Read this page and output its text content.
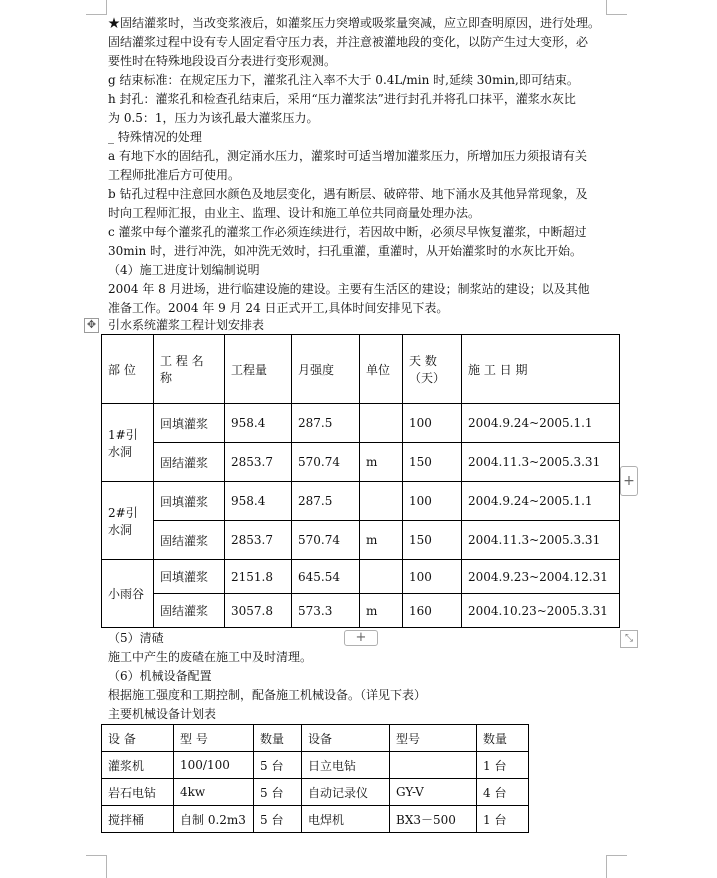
★固结灌浆时，当改变浆液后，如灌浆压力突增或吸浆量突减，应立即查明原因，进行处理。
固结灌浆过程中设有专人固定看守压力表，并注意被灌地段的变化，以防产生过大变形，必
要性时在特殊地段设百分表进行变形观测。
g 结束标准：在规定压力下，灌浆孔注入率不大于 0.4L/min 时,延续 30min,即可结束。
h 封孔：灌浆孔和检查孔结束后，采用“压力灌浆法”进行封孔并将孔口抹平，灌浆水灰比
为 0.5：1，压力为该孔最大灌浆压力。
_ 特殊情况的处理
a 有地下水的固结孔，测定涌水压力，灌浆时可适当增加灌浆压力，所增加压力须报请有关
工程师批准后方可使用。
b 钻孔过程中注意回水颜色及地层变化，遇有断层、破碎带、地下涌水及其他异常现象，及
时向工程师汇报，由业主、监理、设计和施工单位共同商量处理办法。
c 灌浆中每个灌浆孔的灌浆工作必须连续进行，若因故中断，必须尽早恢复灌浆，中断超过
30min 时，进行冲洗，如冲洗无效时，扫孔重灌，重灌时，从开始灌浆时的水灰比开始。
（4）施工进度计划编制说明
2004 年 8 月进场，进行临建设施的建设。主要有生活区的建设；制浆站的建设；以及其他
准备工作。2004 年 9 月 24 日正式开工,具体时间安排见下表。
✥ 引水系统灌浆工程计划安排表
部 位	工 程 名 称	工程量	月强度	单位	天 数（天）	施 工 日 期
1#引水洞	回填灌浆	958.4	287.5		100	2004.9.24~2005.1.1
	固结灌浆	2853.7	570.74	m	150	2004.11.3~2005.3.31
2#引水洞	回填灌浆	958.4	287.5		100	2004.9.24~2005.1.1
	固结灌浆	2853.7	570.74	m	150	2004.11.3~2005.3.31
小雨谷	回填灌浆	2151.8	645.54		100	2004.9.23~2004.12.31
	固结灌浆	3057.8	573.3	m	160	2004.10.23~2005.3.31
+
+	⤡
（5）清碴
施工中产生的废碴在施工中及时清理。
（6）机械设备配置
根据施工强度和工期控制，配备施工机械设备。（详见下表）
主要机械设备计划表
设 备	型 号	数量	设备	型号	数量
灌浆机	100/100	5 台	日立电钻		1 台
岩石电钻	4kw	5 台	自动记录仪	GY-V	4 台
搅拌桶	自制 0.2m3	5 台	电焊机	BX3－500	1 台
